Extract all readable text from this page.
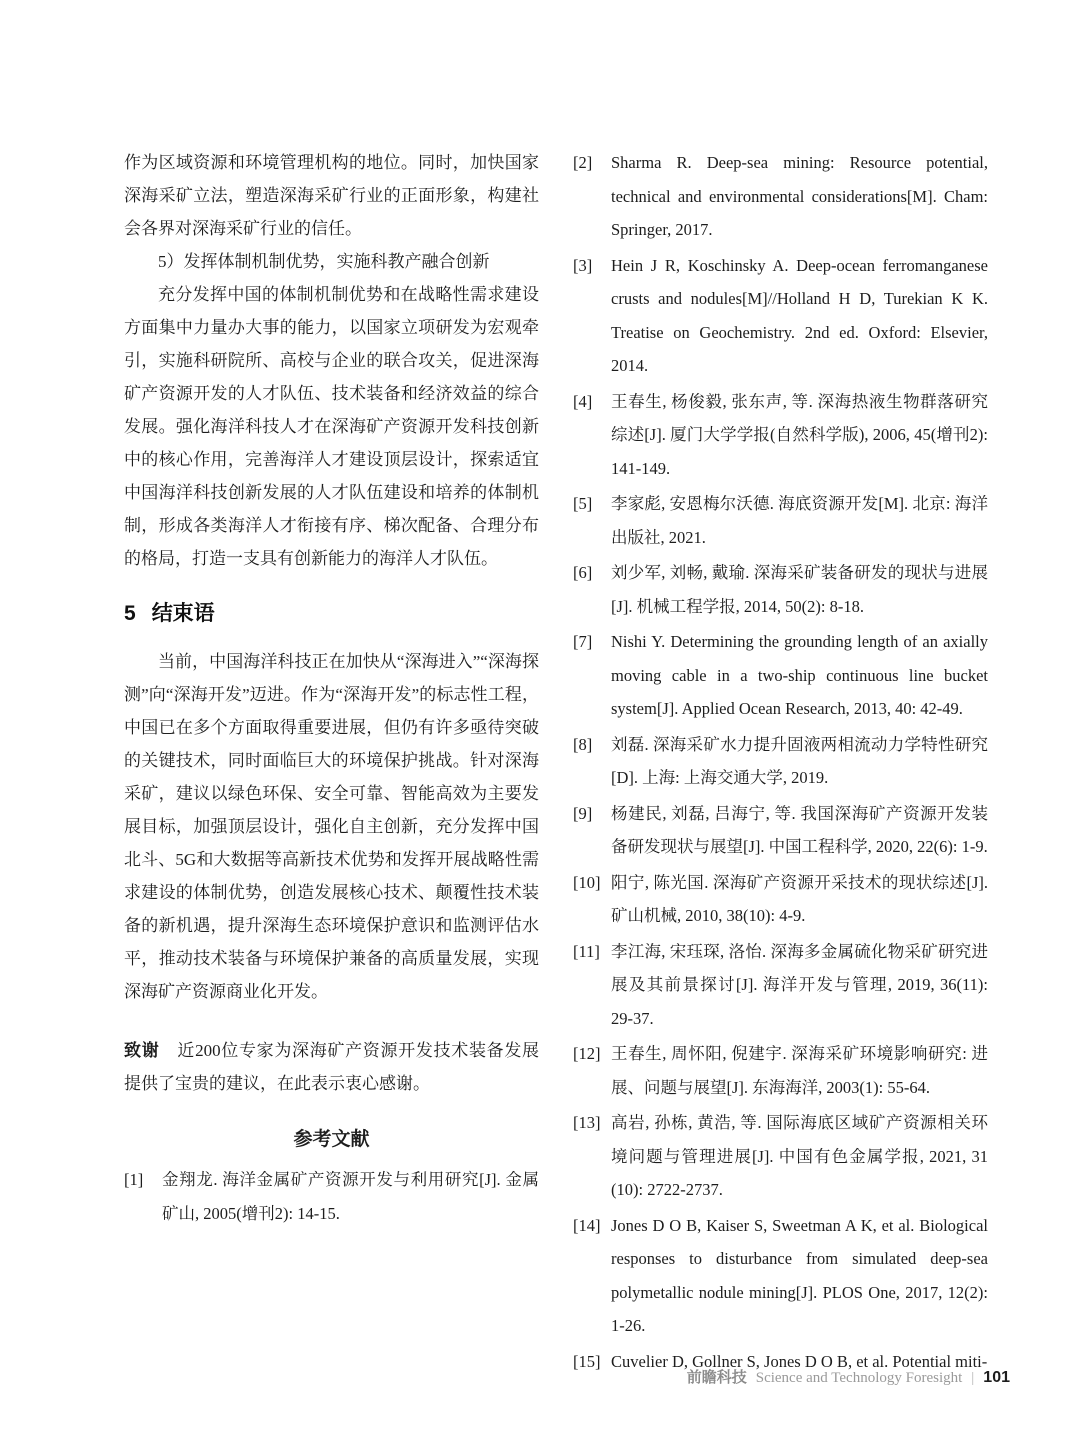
作为区域资源和环境管理机构的地位。同时，加快国家深海采矿立法，塑造深海采矿行业的正面形象，构建社会各界对深海采矿行业的信任。

5）发挥体制机制优势，实施科教产融合创新

充分发挥中国的体制机制优势和在战略性需求建设方面集中力量办大事的能力，以国家立项研发为宏观牵引，实施科研院所、高校与企业的联合攻关，促进深海矿产资源开发的人才队伍、技术装备和经济效益的综合发展。强化海洋科技人才在深海矿产资源开发科技创新中的核心作用，完善海洋人才建设顶层设计，探索适宜中国海洋科技创新发展的人才队伍建设和培养的体制机制，形成各类海洋人才衔接有序、梯次配备、合理分布的格局，打造一支具有创新能力的海洋人才队伍。

5 结束语

当前，中国海洋科技正在加快从“深海进入”“深海探测”向“深海开发”迈进。作为“深海开发”的标志性工程，中国已在多个方面取得重要进展，但仍有许多亟待突破的关键技术，同时面临巨大的环境保护挑战。针对深海采矿，建议以绿色环保、安全可靠、智能高效为主要发展目标，加强顶层设计，强化自主创新，充分发挥中国北斗、5G和大数据等高新技术优势和发挥开展战略性需求建设的体制优势，创造发展核心技术、颠覆性技术装备的新机遇，提升深海生态环境保护意识和监测评估水平，推动技术装备与环境保护兼备的高质量发展，实现深海矿产资源商业化开发。

致谢 近200位专家为深海矿产资源开发技术装备发展提供了宝贵的建议，在此表示衷心感谢。

参考文献
[1]	金翔龙. 海洋金属矿产资源开发与利用研究[J]. 金属矿山, 2005(增刊2): 14-15.
[2]	Sharma R. Deep-sea mining: Resource potential, technical and environmental considerations[M]. Cham: Springer, 2017.
[3]	Hein J R, Koschinsky A. Deep-ocean ferromanganese crusts and nodules[M]//Holland H D, Turekian K K. Treatise on Geochemistry. 2nd ed. Oxford: Elsevier, 2014.
[4]	王春生, 杨俊毅, 张东声, 等. 深海热液生物群落研究综述[J]. 厦门大学学报(自然科学版), 2006, 45(增刊2): 141-149.
[5]	李家彪, 安恩梅尔沃德. 海底资源开发[M]. 北京: 海洋出版社, 2021.
[6]	刘少军, 刘畅, 戴瑜. 深海采矿装备研发的现状与进展[J]. 机械工程学报, 2014, 50(2): 8-18.
[7]	Nishi Y. Determining the grounding length of an axially moving cable in a two-ship continuous line bucket system[J]. Applied Ocean Research, 2013, 40: 42-49.
[8]	刘磊. 深海采矿水力提升固液两相流动力学特性研究[D]. 上海: 上海交通大学, 2019.
[9]	杨建民, 刘磊, 吕海宁, 等. 我国深海矿产资源开发装备研发现状与展望[J]. 中国工程科学, 2020, 22(6): 1-9.
[10] 阳宁, 陈光国. 深海矿产资源开采技术的现状综述[J]. 矿山机械, 2010, 38(10): 4-9.
[11] 李江海, 宋珏琛, 洛怡. 深海多金属硫化物采矿研究进展及其前景探讨[J]. 海洋开发与管理, 2019, 36(11): 29-37.
[12] 王春生, 周怀阳, 倪建宇. 深海采矿环境影响研究: 进展、问题与展望[J]. 东海海洋, 2003(1): 55-64.
[13] 高岩, 孙栋, 黄浩, 等. 国际海底区域矿产资源相关环境问题与管理进展[J]. 中国有色金属学报, 2021, 31 (10): 2722-2737.
[14] Jones D O B, Kaiser S, Sweetman A K, et al. Biological responses to disturbance from simulated deep-sea polymetallic nodule mining[J]. PLOS One, 2017, 12(2): 1-26.
[15] Cuvelier D, Gollner S, Jones D O B, et al. Potential miti-
前瞻科技 Science and Technology Foresight | 101
